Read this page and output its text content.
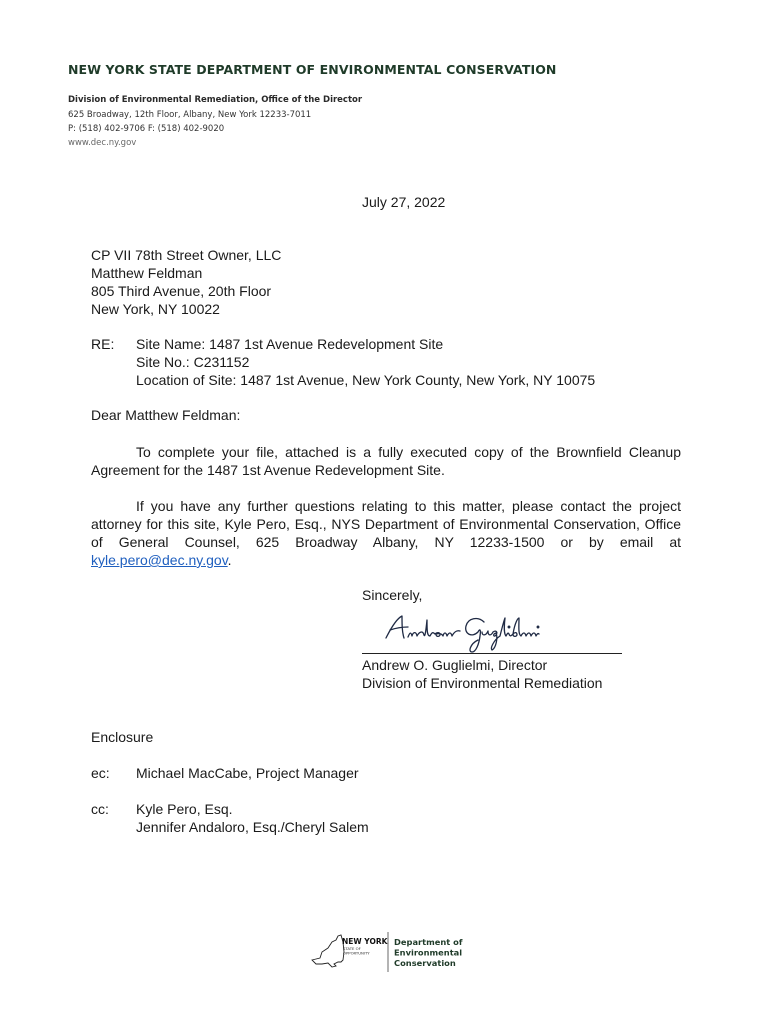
NEW YORK STATE DEPARTMENT OF ENVIRONMENTAL CONSERVATION
Division of Environmental Remediation, Office of the Director
625 Broadway, 12th Floor, Albany, New York 12233-7011
P: (518) 402-9706 F: (518) 402-9020
www.dec.ny.gov
July 27, 2022
CP VII 78th Street Owner, LLC
Matthew Feldman
805 Third Avenue, 20th Floor
New York, NY 10022
RE: Site Name: 1487 1st Avenue Redevelopment Site
Site No.: C231152
Location of Site: 1487 1st Avenue, New York County, New York, NY 10075
Dear Matthew Feldman:
To complete your file, attached is a fully executed copy of the Brownfield Cleanup Agreement for the 1487 1st Avenue Redevelopment Site.
If you have any further questions relating to this matter, please contact the project attorney for this site, Kyle Pero, Esq., NYS Department of Environmental Conservation, Office of General Counsel, 625 Broadway Albany, NY 12233-1500 or by email at kyle.pero@dec.ny.gov.
Sincerely,
Andrew O. Guglielmi, Director
Division of Environmental Remediation
Enclosure
ec: Michael MacCabe, Project Manager
cc: Kyle Pero, Esq.
Jennifer Andaloro, Esq./Cheryl Salem
NEW YORK
STATE OF
OPPORTUNITY
Department of
Environmental
Conservation
